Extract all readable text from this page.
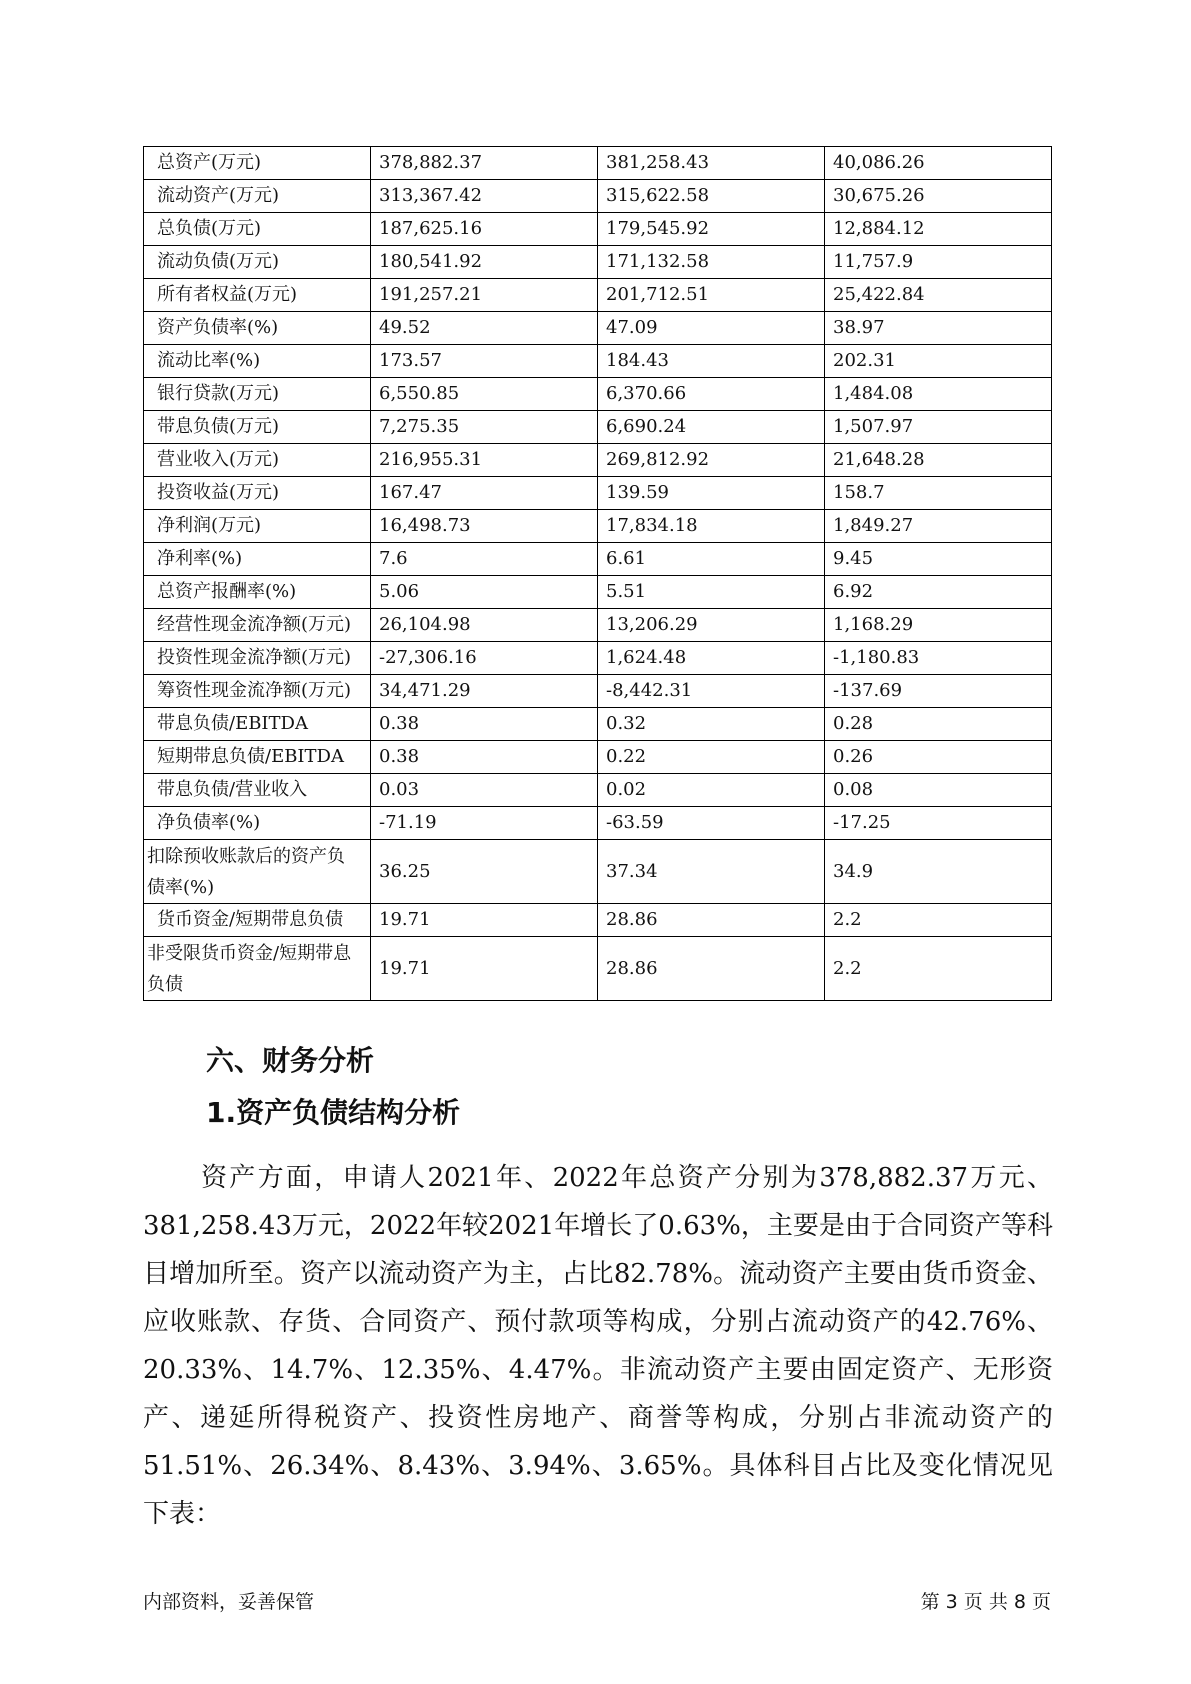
总资产(万元)	378,882.37	381,258.43	40,086.26
流动资产(万元)	313,367.42	315,622.58	30,675.26
总负债(万元)	187,625.16	179,545.92	12,884.12
流动负债(万元)	180,541.92	171,132.58	11,757.9
所有者权益(万元)	191,257.21	201,712.51	25,422.84
资产负债率(%)	49.52	47.09	38.97
流动比率(%)	173.57	184.43	202.31
银行贷款(万元)	6,550.85	6,370.66	1,484.08
带息负债(万元)	7,275.35	6,690.24	1,507.97
营业收入(万元)	216,955.31	269,812.92	21,648.28
投资收益(万元)	167.47	139.59	158.7
净利润(万元)	16,498.73	17,834.18	1,849.27
净利率(%)	7.6	6.61	9.45
总资产报酬率(%)	5.06	5.51	6.92
经营性现金流净额(万元)	26,104.98	13,206.29	1,168.29
投资性现金流净额(万元)	-27,306.16	1,624.48	-1,180.83
筹资性现金流净额(万元)	34,471.29	-8,442.31	-137.69
带息负债/EBITDA	0.38	0.32	0.28
短期带息负债/EBITDA	0.38	0.22	0.26
带息负债/营业收入	0.03	0.02	0.08
净负债率(%)	-71.19	-63.59	-17.25
扣除预收账款后的资产负债率(%)	36.25	37.34	34.9
货币资金/短期带息负债	19.71	28.86	2.2
非受限货币资金/短期带息负债	19.71	28.86	2.2
六、财务分析
1.资产负债结构分析

资产方面，申请人2021年、2022年总资产分别为378,882.37万元、381,258.43万元，2022年较2021年增长了0.63%，主要是由于合同资产等科目增加所至。资产以流动资产为主，占比82.78%。流动资产主要由货币资金、应收账款、存货、合同资产、预付款项等构成，分别占流动资产的42.76%、20.33%、14.7%、12.35%、4.47%。非流动资产主要由固定资产、无形资产、递延所得税资产、投资性房地产、商誉等构成，分别占非流动资产的51.51%、26.34%、8.43%、3.94%、3.65%。具体科目占比及变化情况见下表：

内部资料，妥善保管	第 3 页 共 8 页
